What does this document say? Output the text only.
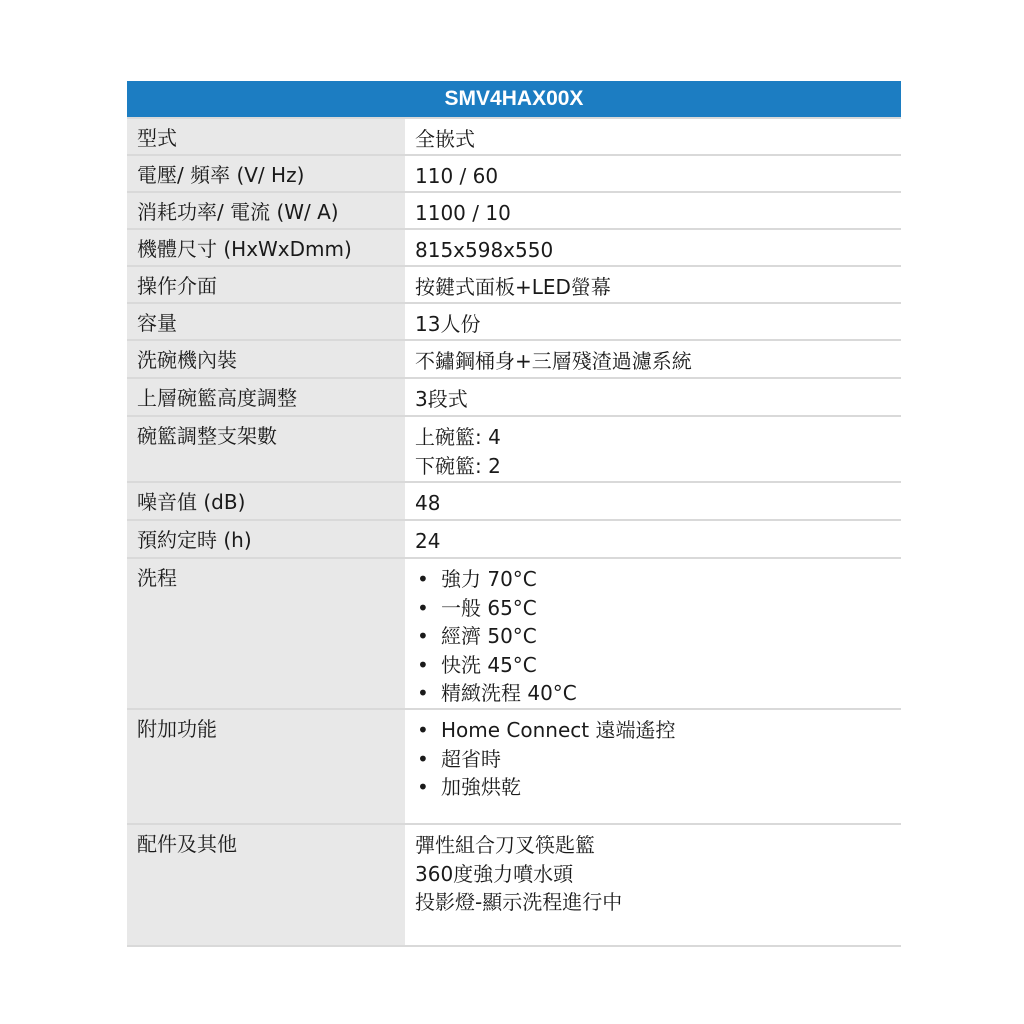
SMV4HAX00X
型式	全嵌式
電壓/ 頻率 (V/ Hz)	110 / 60
消耗功率/ 電流 (W/ A)	1100 / 10
機體尺寸 (HxWxDmm)	815x598x550
操作介面	按鍵式面板+LED螢幕
容量	13人份
洗碗機內裝	不鏽鋼桶身+三層殘渣過濾系統
上層碗籃高度調整	3段式
碗籃調整支架數	上碗籃: 4
下碗籃: 2
噪音值 (dB)	48
預約定時 (h)	24
洗程	• 強力 70°C
• 一般 65°C
• 經濟 50°C
• 快洗 45°C
• 精緻洗程 40°C
附加功能	• Home Connect 遠端遙控
• 超省時
• 加強烘乾
配件及其他	彈性組合刀叉筷匙籃
360度強力噴水頭
投影燈-顯示洗程進行中
